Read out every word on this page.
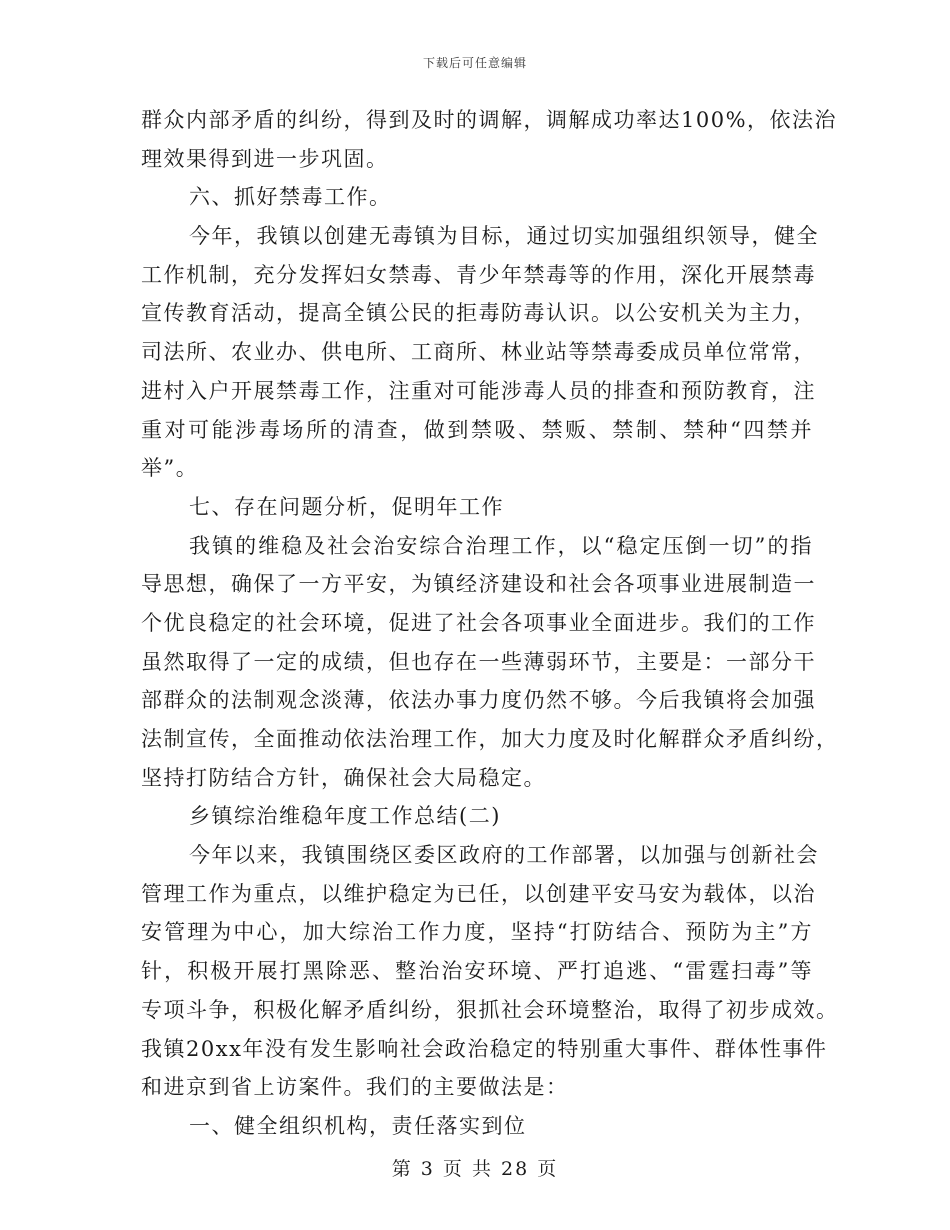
下载后可任意编辑
群众内部矛盾的纠纷，得到及时的调解，调解成功率达100%，依法治
理效果得到进一步巩固。
六、抓好禁毒工作。
今年，我镇以创建无毒镇为目标，通过切实加强组织领导，健全
工作机制，充分发挥妇女禁毒、青少年禁毒等的作用，深化开展禁毒
宣传教育活动，提高全镇公民的拒毒防毒认识。以公安机关为主力，
司法所、农业办、供电所、工商所、林业站等禁毒委成员单位常常，
进村入户开展禁毒工作，注重对可能涉毒人员的排查和预防教育，注
重对可能涉毒场所的清查，做到禁吸、禁贩、禁制、禁种“四禁并
举”。
七、存在问题分析，促明年工作
我镇的维稳及社会治安综合治理工作，以“稳定压倒一切”的指
导思想，确保了一方平安，为镇经济建设和社会各项事业进展制造一
个优良稳定的社会环境，促进了社会各项事业全面进步。我们的工作
虽然取得了一定的成绩，但也存在一些薄弱环节，主要是：一部分干
部群众的法制观念淡薄，依法办事力度仍然不够。今后我镇将会加强
法制宣传，全面推动依法治理工作，加大力度及时化解群众矛盾纠纷，
坚持打防结合方针，确保社会大局稳定。
乡镇综治维稳年度工作总结(二)
今年以来，我镇围绕区委区政府的工作部署，以加强与创新社会
管理工作为重点，以维护稳定为已任，以创建平安马安为载体，以治
安管理为中心，加大综治工作力度，坚持“打防结合、预防为主”方
针，积极开展打黑除恶、整治治安环境、严打追逃、“雷霆扫毒”等
专项斗争，积极化解矛盾纠纷，狠抓社会环境整治，取得了初步成效。
我镇20xx年没有发生影响社会政治稳定的特别重大事件、群体性事件
和进京到省上访案件。我们的主要做法是：
一、健全组织机构，责任落实到位
第 3 页 共 28 页
